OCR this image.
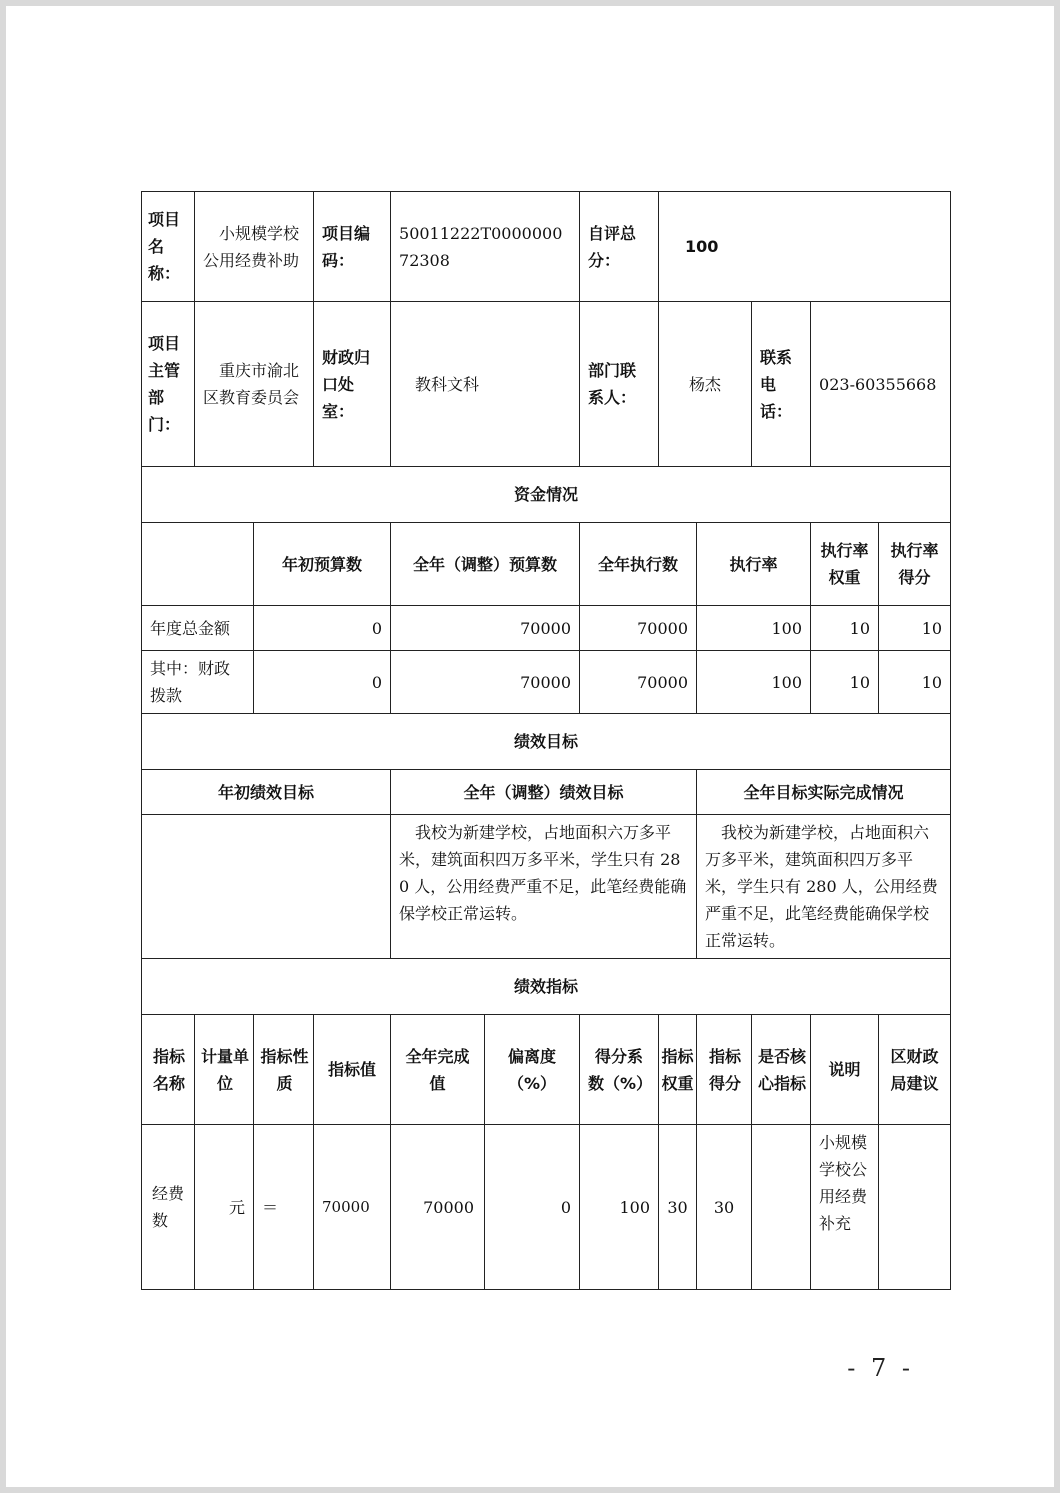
项目名称：	小规模学校公用经费补助		项目编码：	50011222T000000072308		自评总分：	100				
项目主管部门：	重庆市渝北区教育委员会		财政归口处室：	教科文科		部门联系人：	杨杰		联系电话：	023-60355668	
资金情况											
		年初预算数		全年（调整）预算数		全年执行数		执行率		执行率权重	执行率得分
年度总金额		0		70000		70000		100		10	10
其中：财政拨款		0		70000		70000		100		10	10
绩效目标											
年初绩效目标				全年（调整）绩效目标				全年目标实际完成情况			
				我校为新建学校，占地面积六万多平米，建筑面积四万多平米，学生只有 280 人，公用经费严重不足，此笔经费能确保学校正常运转。				我校为新建学校，占地面积六万多平米，建筑面积四万多平米，学生只有 280 人，公用经费严重不足，此笔经费能确保学校正常运转。			
绩效指标											
指标名称	计量单位	指标性质	指标值	全年完成值	偏离度（%）	得分系数（%）	指标权重	指标得分	是否核心指标	说明	区财政局建议
经费数	元	＝	70000	70000	0	100	30	30		小规模学校公用经费补充	
- 7 -
